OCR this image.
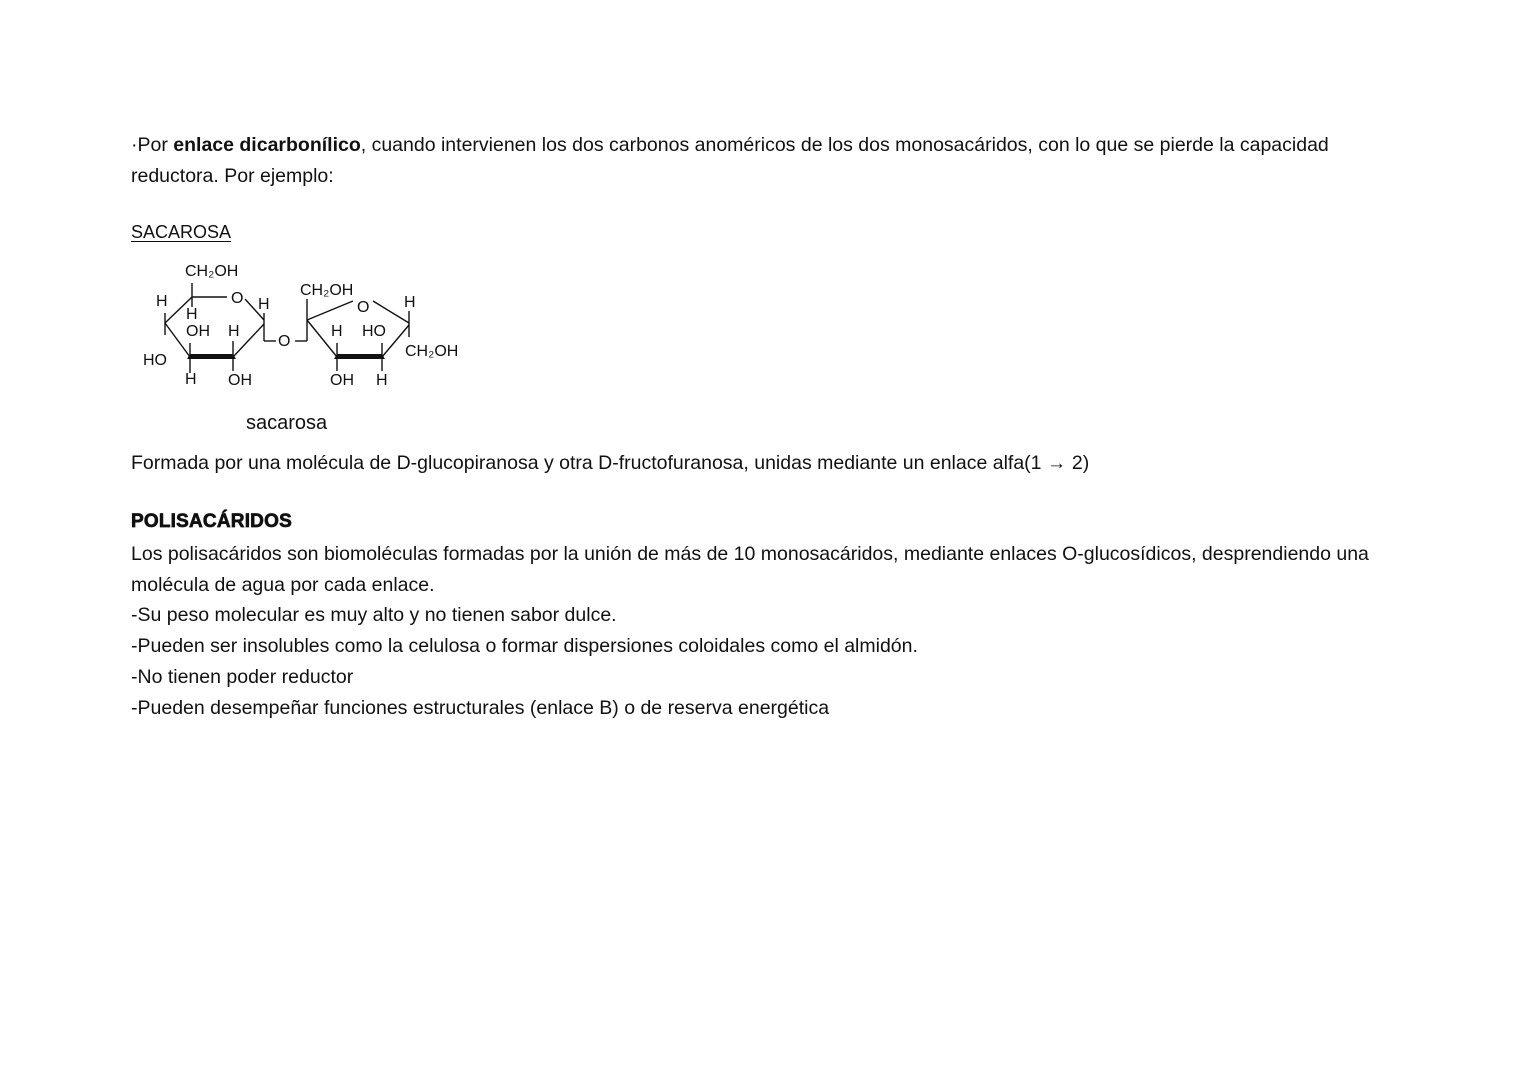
·Por enlace dicarbonílico, cuando intervienen los dos carbonos anoméricos de los dos monosacáridos, con lo que se pierde la capacidad
reductora. Por ejemplo:
SACAROSA
CH₂OH
O
H
H
H
OH H
HO
H OH
O
CH₂OH
O H
H HO
CH₂OH
OH H
sacarosa
Formada por una molécula de D-glucopiranosa y otra D-fructofuranosa, unidas mediante un enlace alfa(1 → 2)
POLISACÁRIDOS
Los polisacáridos son biomoléculas formadas por la unión de más de 10 monosacáridos, mediante enlaces O-glucosídicos, desprendiendo una
molécula de agua por cada enlace.
-Su peso molecular es muy alto y no tienen sabor dulce.
-Pueden ser insolubles como la celulosa o formar dispersiones coloidales como el almidón.
-No tienen poder reductor
-Pueden desempeñar funciones estructurales (enlace B) o de reserva energética
